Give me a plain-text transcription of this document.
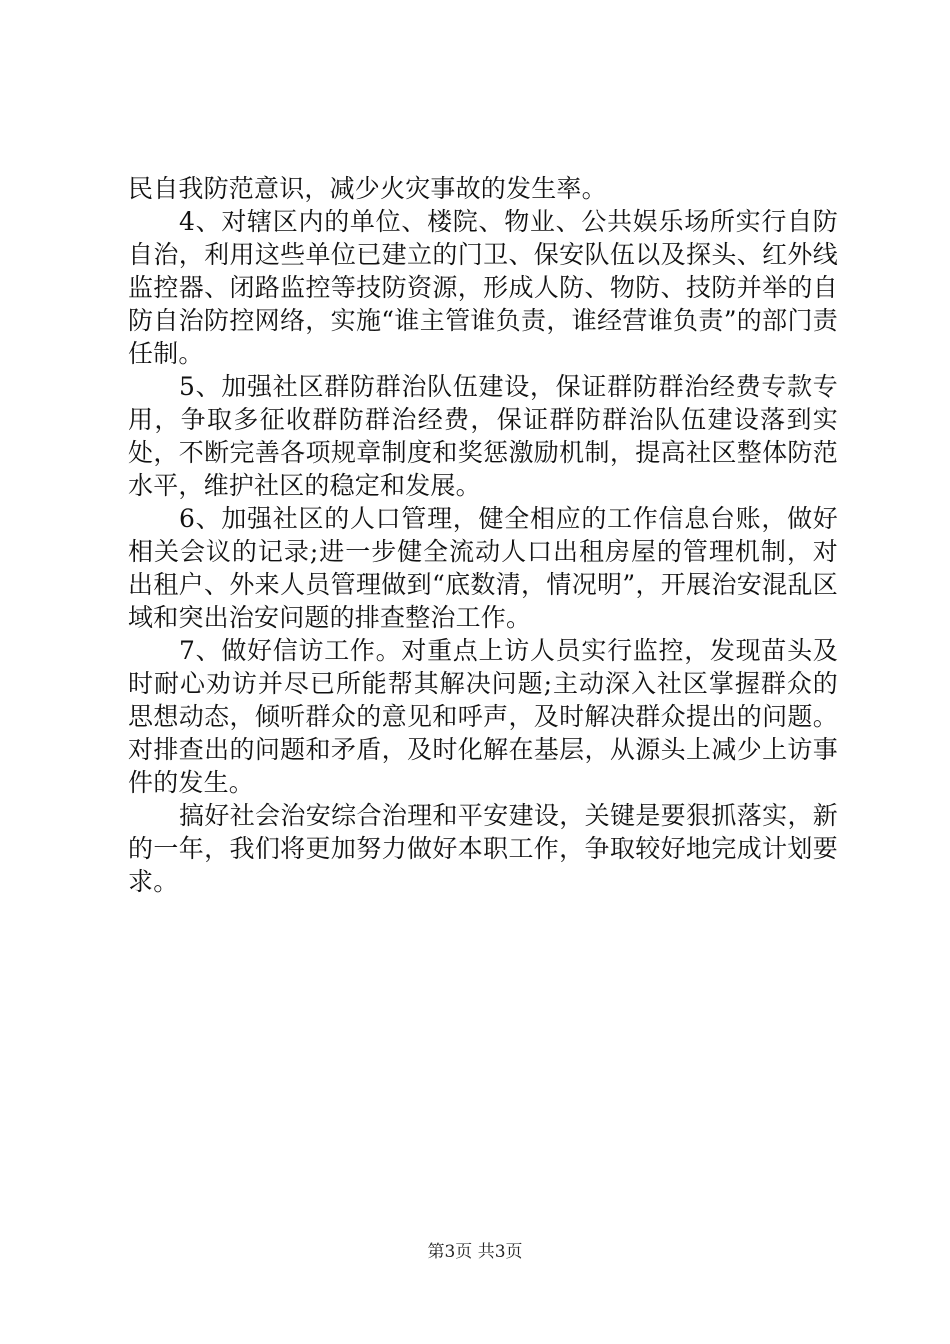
民自我防范意识，减少火灾事故的发生率。

4、对辖区内的单位、楼院、物业、公共娱乐场所实行自防自治，利用这些单位已建立的门卫、保安队伍以及探头、红外线监控器、闭路监控等技防资源，形成人防、物防、技防并举的自防自治防控网络，实施“谁主管谁负责，谁经营谁负责”的部门责任制。

5、加强社区群防群治队伍建设，保证群防群治经费专款专用，争取多征收群防群治经费，保证群防群治队伍建设落到实处，不断完善各项规章制度和奖惩激励机制，提高社区整体防范水平，维护社区的稳定和发展。

6、加强社区的人口管理，健全相应的工作信息台账，做好相关会议的记录;进一步健全流动人口出租房屋的管理机制，对出租户、外来人员管理做到“底数清，情况明”，开展治安混乱区域和突出治安问题的排查整治工作。

7、做好信访工作。对重点上访人员实行监控，发现苗头及时耐心劝访并尽已所能帮其解决问题;主动深入社区掌握群众的思想动态，倾听群众的意见和呼声，及时解决群众提出的问题。对排查出的问题和矛盾，及时化解在基层，从源头上减少上访事件的发生。

搞好社会治安综合治理和平安建设，关键是要狠抓落实，新的一年，我们将更加努力做好本职工作，争取较好地完成计划要求。

第3页 共3页
